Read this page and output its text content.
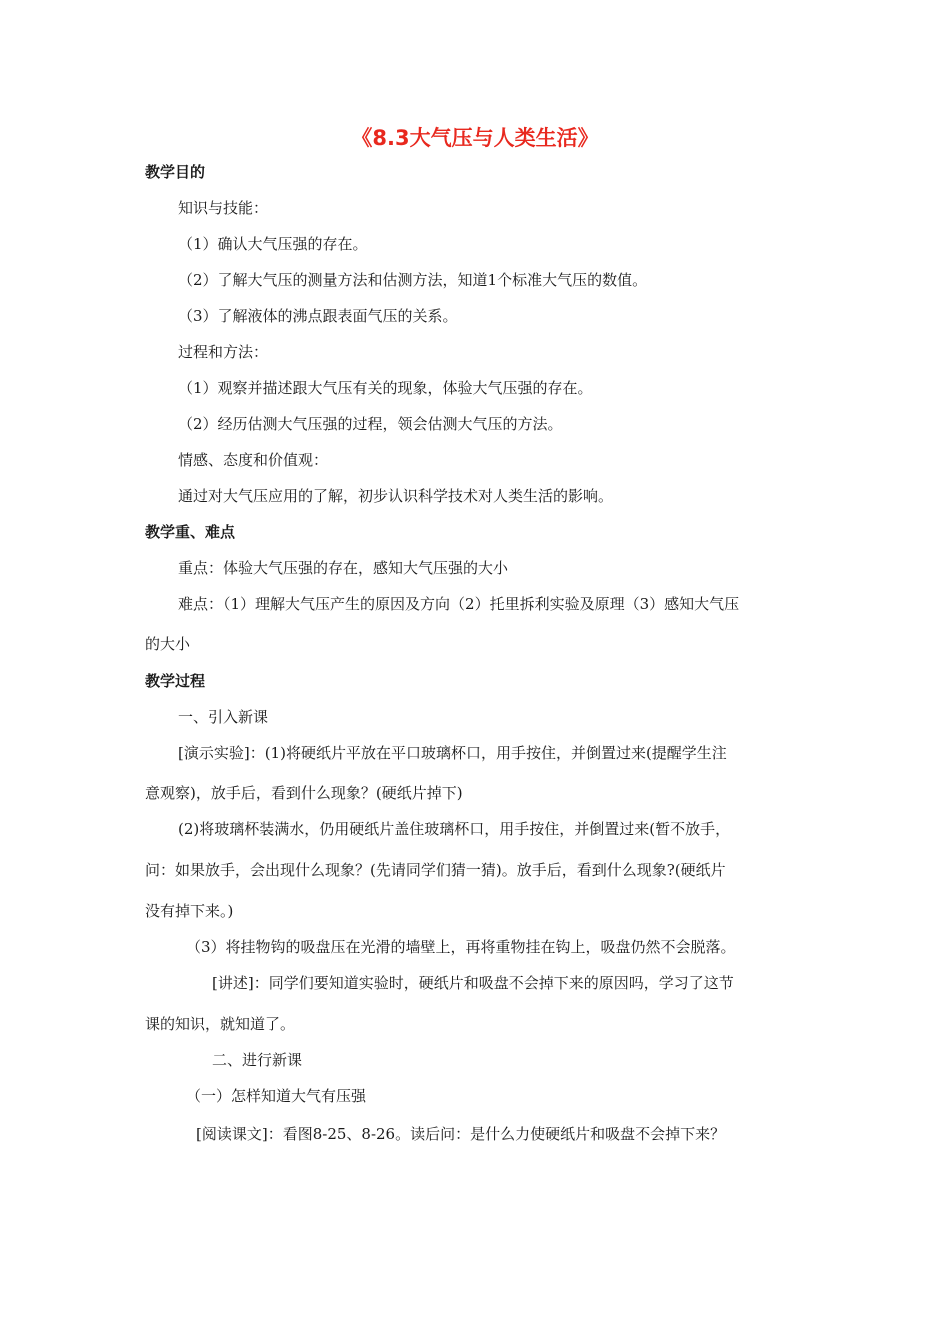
《8.3大气压与人类生活》
教学目的
知识与技能：
（1）确认大气压强的存在。
（2）了解大气压的测量方法和估测方法，知道1个标准大气压的数值。
（3）了解液体的沸点跟表面气压的关系。
过程和方法：
（1）观察并描述跟大气压有关的现象，体验大气压强的存在。
（2）经历估测大气压强的过程，领会估测大气压的方法。
情感、态度和价值观：
通过对大气压应用的了解，初步认识科学技术对人类生活的影响。
教学重、难点
重点：体验大气压强的存在，感知大气压强的大小
难点：（1）理解大气压产生的原因及方向（2）托里拆利实验及原理（3）感知大气压
的大小
教学过程
一、引入新课
[演示实验]：(1)将硬纸片平放在平口玻璃杯口，用手按住，并倒置过来(提醒学生注
意观察)，放手后，看到什么现象？(硬纸片掉下)
(2)将玻璃杯装满水，仍用硬纸片盖住玻璃杯口，用手按住，并倒置过来(暂不放手，
问：如果放手，会出现什么现象？(先请同学们猜一猜)。放手后，看到什么现象?(硬纸片
没有掉下来。)
（3）将挂物钩的吸盘压在光滑的墙壁上，再将重物挂在钩上，吸盘仍然不会脱落。
[讲述]：同学们要知道实验时，硬纸片和吸盘不会掉下来的原因吗，学习了这节
课的知识，就知道了。
二、进行新课
（一）怎样知道大气有压强
[阅读课文]：看图8-25、8-26。读后问：是什么力使硬纸片和吸盘不会掉下来？
